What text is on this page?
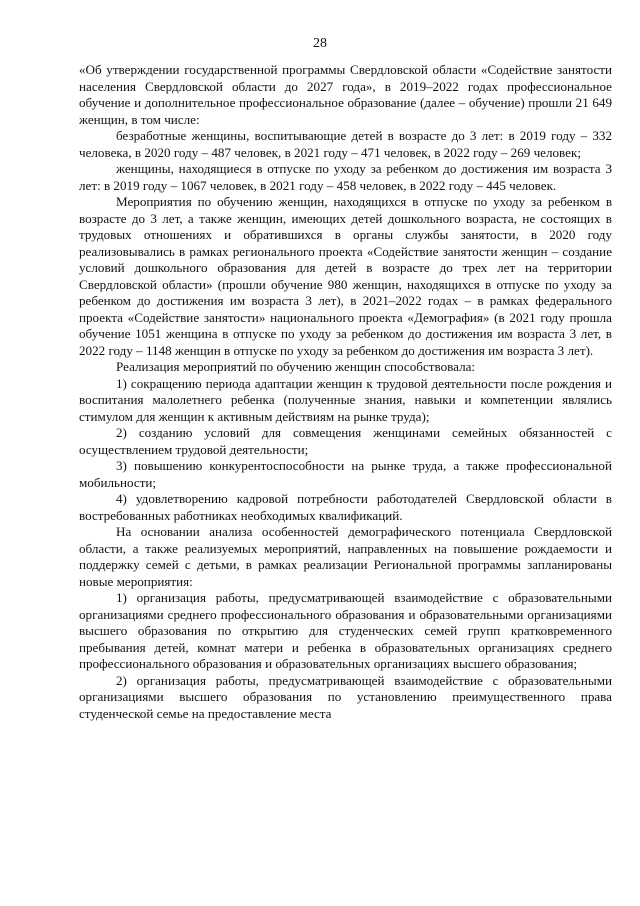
28

«Об утверждении государственной программы Свердловской области «Содействие занятости населения Свердловской области до 2027 года», в 2019–2022 годах профессиональное обучение и дополнительное профессиональное образование (далее – обучение) прошли 21 649 женщин, в том числе:

безработные женщины, воспитывающие детей в возрасте до 3 лет: в 2019 году – 332 человека, в 2020 году – 487 человек, в 2021 году – 471 человек, в 2022 году – 269 человек;

женщины, находящиеся в отпуске по уходу за ребенком до достижения им возраста 3 лет: в 2019 году – 1067 человек, в 2021 году – 458 человек, в 2022 году – 445 человек.

Мероприятия по обучению женщин, находящихся в отпуске по уходу за ребенком в возрасте до 3 лет, а также женщин, имеющих детей дошкольного возраста, не состоящих в трудовых отношениях и обратившихся в органы службы занятости, в 2020 году реализовывались в рамках регионального проекта «Содействие занятости женщин – создание условий дошкольного образования для детей в возрасте до трех лет на территории Свердловской области» (прошли обучение 980 женщин, находящихся в отпуске по уходу за ребенком до достижения им возраста 3 лет), в 2021–2022 годах – в рамках федерального проекта «Содействие занятости» национального проекта «Демография» (в 2021 году прошла обучение 1051 женщина в отпуске по уходу за ребенком до достижения им возраста 3 лет, в 2022 году – 1148 женщин в отпуске по уходу за ребенком до достижения им возраста 3 лет).

Реализация мероприятий по обучению женщин способствовала:

1) сокращению периода адаптации женщин к трудовой деятельности после рождения и воспитания малолетнего ребенка (полученные знания, навыки и компетенции являлись стимулом для женщин к активным действиям на рынке труда);

2) созданию условий для совмещения женщинами семейных обязанностей с осуществлением трудовой деятельности;

3) повышению конкурентоспособности на рынке труда, а также профессиональной мобильности;

4) удовлетворению кадровой потребности работодателей Свердловской области в востребованных работниках необходимых квалификаций.

На основании анализа особенностей демографического потенциала Свердловской области, а также реализуемых мероприятий, направленных на повышение рождаемости и поддержку семей с детьми, в рамках реализации Региональной программы запланированы новые мероприятия:

1) организация работы, предусматривающей взаимодействие с образовательными организациями среднего профессионального образования и образовательными организациями высшего образования по открытию для студенческих семей групп кратковременного пребывания детей, комнат матери и ребенка в образовательных организациях среднего профессионального образования и образовательных организациях высшего образования;

2) организация работы, предусматривающей взаимодействие с образовательными организациями высшего образования по установлению преимущественного права студенческой семье на предоставление места
